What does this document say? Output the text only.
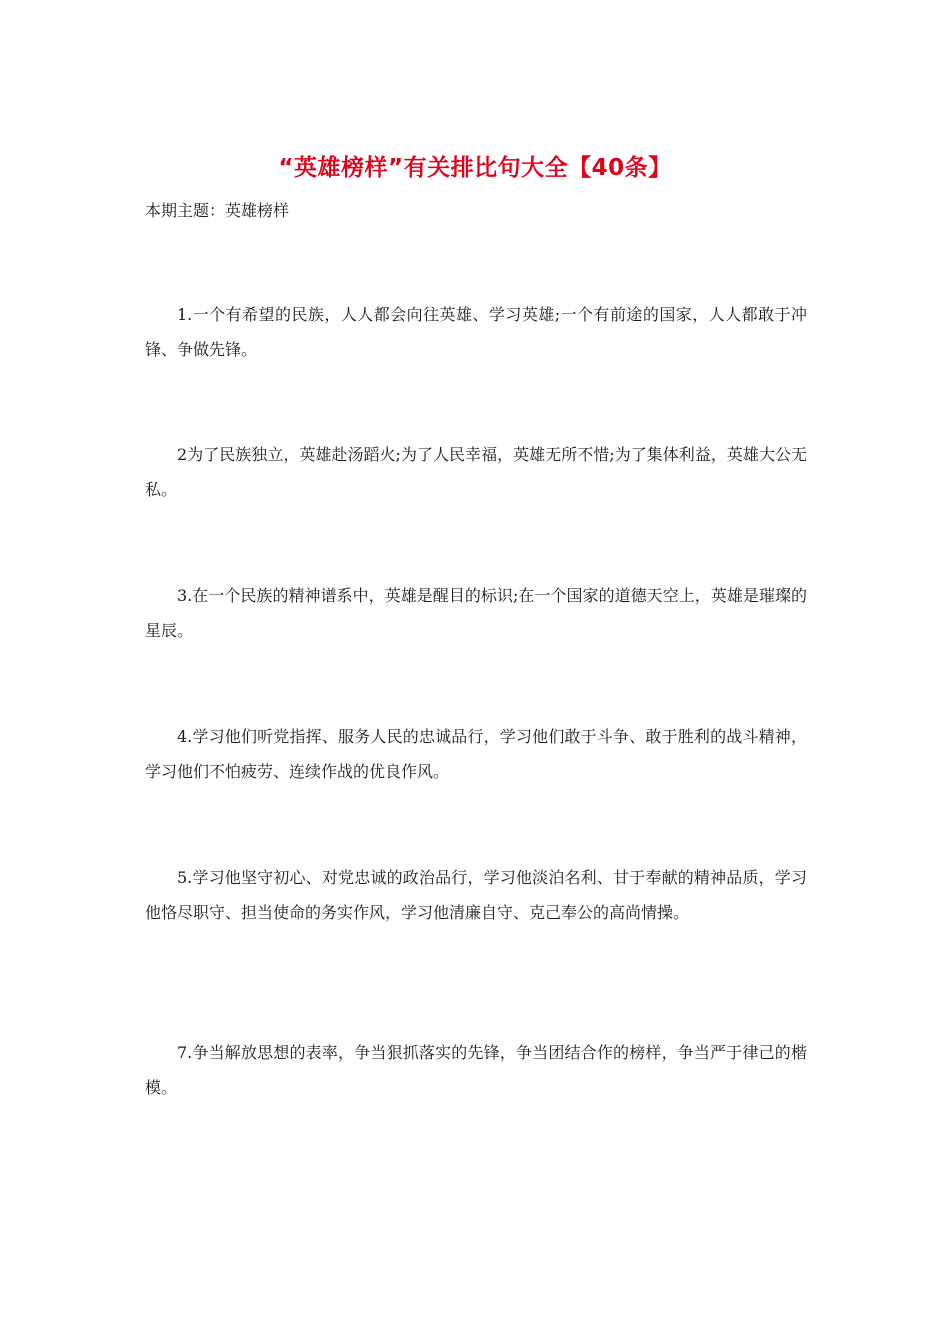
“英雄榜样”有关排比句大全【40条】
本期主题：英雄榜样

1.一个有希望的民族，人人都会向往英雄、学习英雄;一个有前途的国家，人人都敢于冲锋、争做先锋。

2为了民族独立，英雄赴汤蹈火;为了人民幸福，英雄无所不惜;为了集体利益，英雄大公无私。

3.在一个民族的精神谱系中，英雄是醒目的标识;在一个国家的道德天空上，英雄是璀璨的星辰。

4.学习他们听党指挥、服务人民的忠诚品行，学习他们敢于斗争、敢于胜利的战斗精神，学习他们不怕疲劳、连续作战的优良作风。

5.学习他坚守初心、对党忠诚的政治品行，学习他淡泊名利、甘于奉献的精神品质，学习他恪尽职守、担当使命的务实作风，学习他清廉自守、克己奉公的高尚情操。

7.争当解放思想的表率，争当狠抓落实的先锋，争当团结合作的榜样，争当严于律己的楷模。
